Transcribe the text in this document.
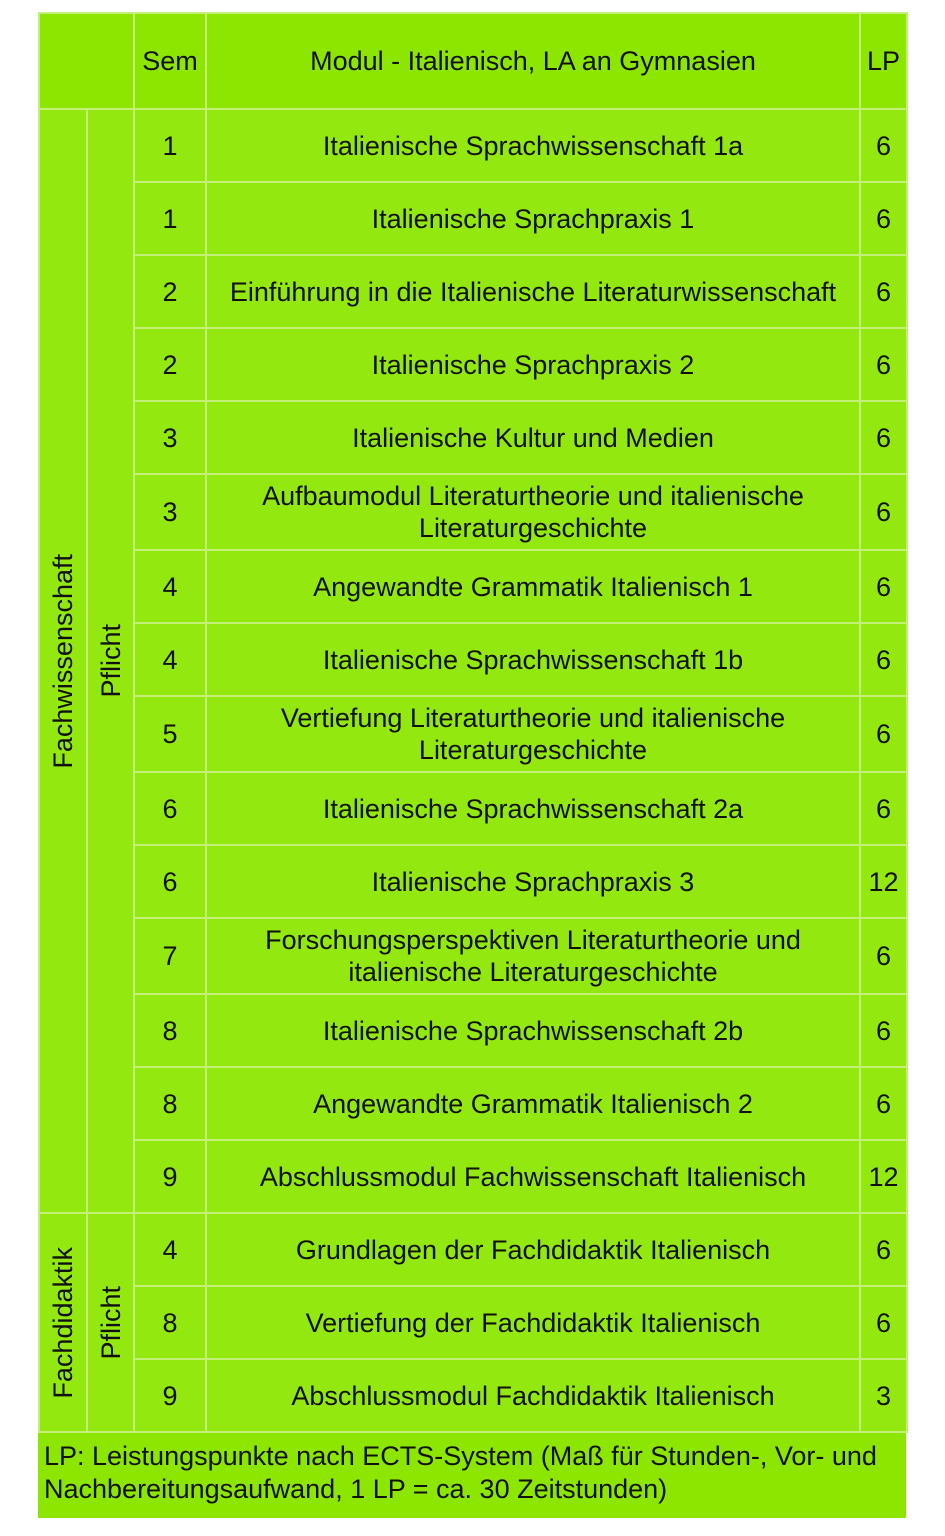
		Sem	Modul - Italienisch, LA an Gymnasien	LP

Fachwissenschaft	Pflicht	1	Italienische Sprachwissenschaft 1a	6
		1	Italienische Sprachpraxis 1	6
		2	Einführung in die Italienische Literaturwissenschaft	6
		2	Italienische Sprachpraxis 2	6
		3	Italienische Kultur und Medien	6
		3	Aufbaumodul Literaturtheorie und italienische Literaturgeschichte	6
		4	Angewandte Grammatik Italienisch 1	6
		4	Italienische Sprachwissenschaft 1b	6
		5	Vertiefung Literaturtheorie und italienische Literaturgeschichte	6
		6	Italienische Sprachwissenschaft 2a	6
		6	Italienische Sprachpraxis 3	12
		7	Forschungsperspektiven Literaturtheorie und italienische Literaturgeschichte	6
		8	Italienische Sprachwissenschaft 2b	6
		8	Angewandte Grammatik Italienisch 2	6
		9	Abschlussmodul Fachwissenschaft Italienisch	12

Fachdidaktik	Pflicht	4	Grundlagen der Fachdidaktik Italienisch	6
		8	Vertiefung der Fachdidaktik Italienisch	6
		9	Abschlussmodul Fachdidaktik Italienisch	3
LP: Leistungspunkte nach ECTS-System (Maß für Stunden-, Vor- und Nachbereitungsaufwand, 1 LP = ca. 30 Zeitstunden)
